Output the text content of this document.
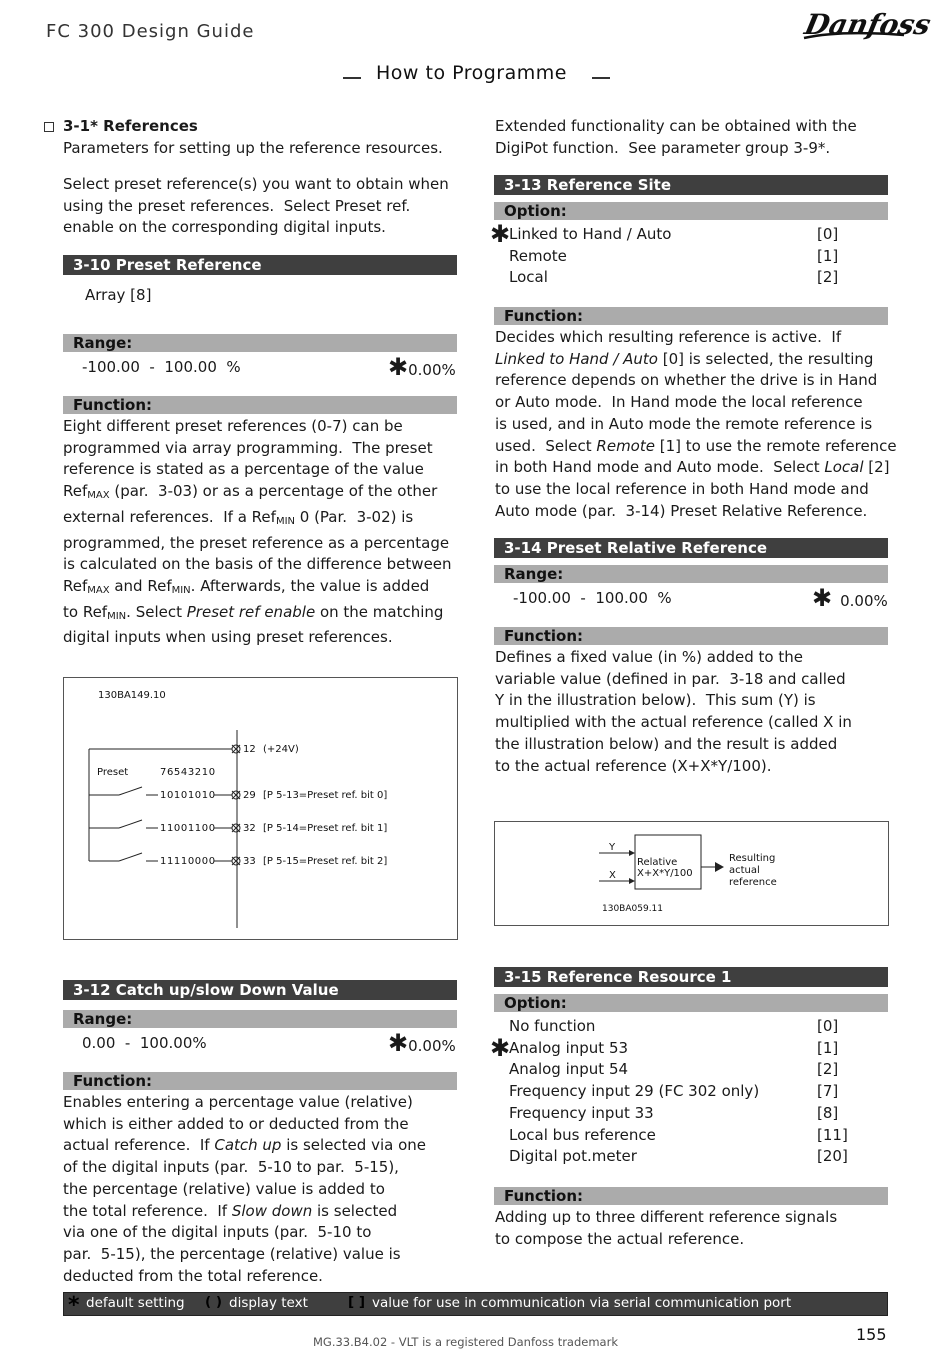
FC 300 Design Guide	Danfoss
How to Programme
3-1* References
Parameters for setting up the reference resources.
Select preset reference(s) you want to obtain when
using the preset references.  Select Preset ref.
enable on the corresponding digital inputs.
3-10 Preset Reference
Array [8]
Range:
-100.00  -  100.00  %	✱0.00%
Function:
Eight different preset references (0-7) can be
programmed via array programming.  The preset
reference is stated as a percentage of the value
Ref$_{MAX}$ (par.  3-03) or as a percentage of the other
external references.  If a Ref$_{MIN}$ 0 (Par.  3-02) is
programmed, the preset reference as a percentage
is calculated on the basis of the difference between
Ref$_{MAX}$ and Ref$_{MIN}$. Afterwards, the value is added
to Ref$_{MIN}$. Select Preset ref enable on the matching
digital inputs when using preset references.
130BA149.10
12 (+24V)
Preset	76543210
10101010	29 [P 5-13=Preset ref. bit 0]
11001100	32 [P 5-14=Preset ref. bit 1]
11110000	33 [P 5-15=Preset ref. bit 2]
3-12 Catch up/slow Down Value
Range:
0.00  -  100.00%	✱0.00%
Function:
Enables entering a percentage value (relative)
which is either added to or deducted from the
actual reference.  If Catch up is selected via one
of the digital inputs (par.  5-10 to par.  5-15),
the percentage (relative) value is added to
the total reference.  If Slow down is selected
via one of the digital inputs (par.  5-10 to
par.  5-15), the percentage (relative) value is
deducted from the total reference.
Extended functionality can be obtained with the
DigiPot function.  See parameter group 3-9*.
3-13 Reference Site
Option:
✱
Linked to Hand / Auto	[0]
Remote	[1]
Local	[2]
Function:
Decides which resulting reference is active.  If
Linked to Hand / Auto [0] is selected, the resulting
reference depends on whether the drive is in Hand
or Auto mode.  In Hand mode the local reference
is used, and in Auto mode the remote reference is
used.  Select Remote [1] to use the remote reference
in both Hand mode and Auto mode.  Select Local [2]
to use the local reference in both Hand mode and
Auto mode (par.  3-14) Preset Relative Reference.
3-14 Preset Relative Reference
Range:
-100.00  -  100.00  %	✱ 0.00%
Function:
Defines a fixed value (in %) added to the
variable value (defined in par.  3-18 and called
Y in the illustration below).  This sum (Y) is
multiplied with the actual reference (called X in
the illustration below) and the result is added
to the actual reference (X+X*Y/100).
Y
X
Relative
X+X*Y/100
Resulting
actual
reference
130BA059.11
3-15 Reference Resource 1
Option:
No function	[0]
✱
Analog input 53	[1]
Analog input 54	[2]
Frequency input 29 (FC 302 only)	[7]
Frequency input 33	[8]
Local bus reference	[11]
Digital pot.meter	[20]
Function:
Adding up to three different reference signals
to compose the actual reference.
* default setting ( ) display text	[ ] value for use in communication via serial communication port
MG.33.B4.02 - VLT is a registered Danfoss trademark	155
